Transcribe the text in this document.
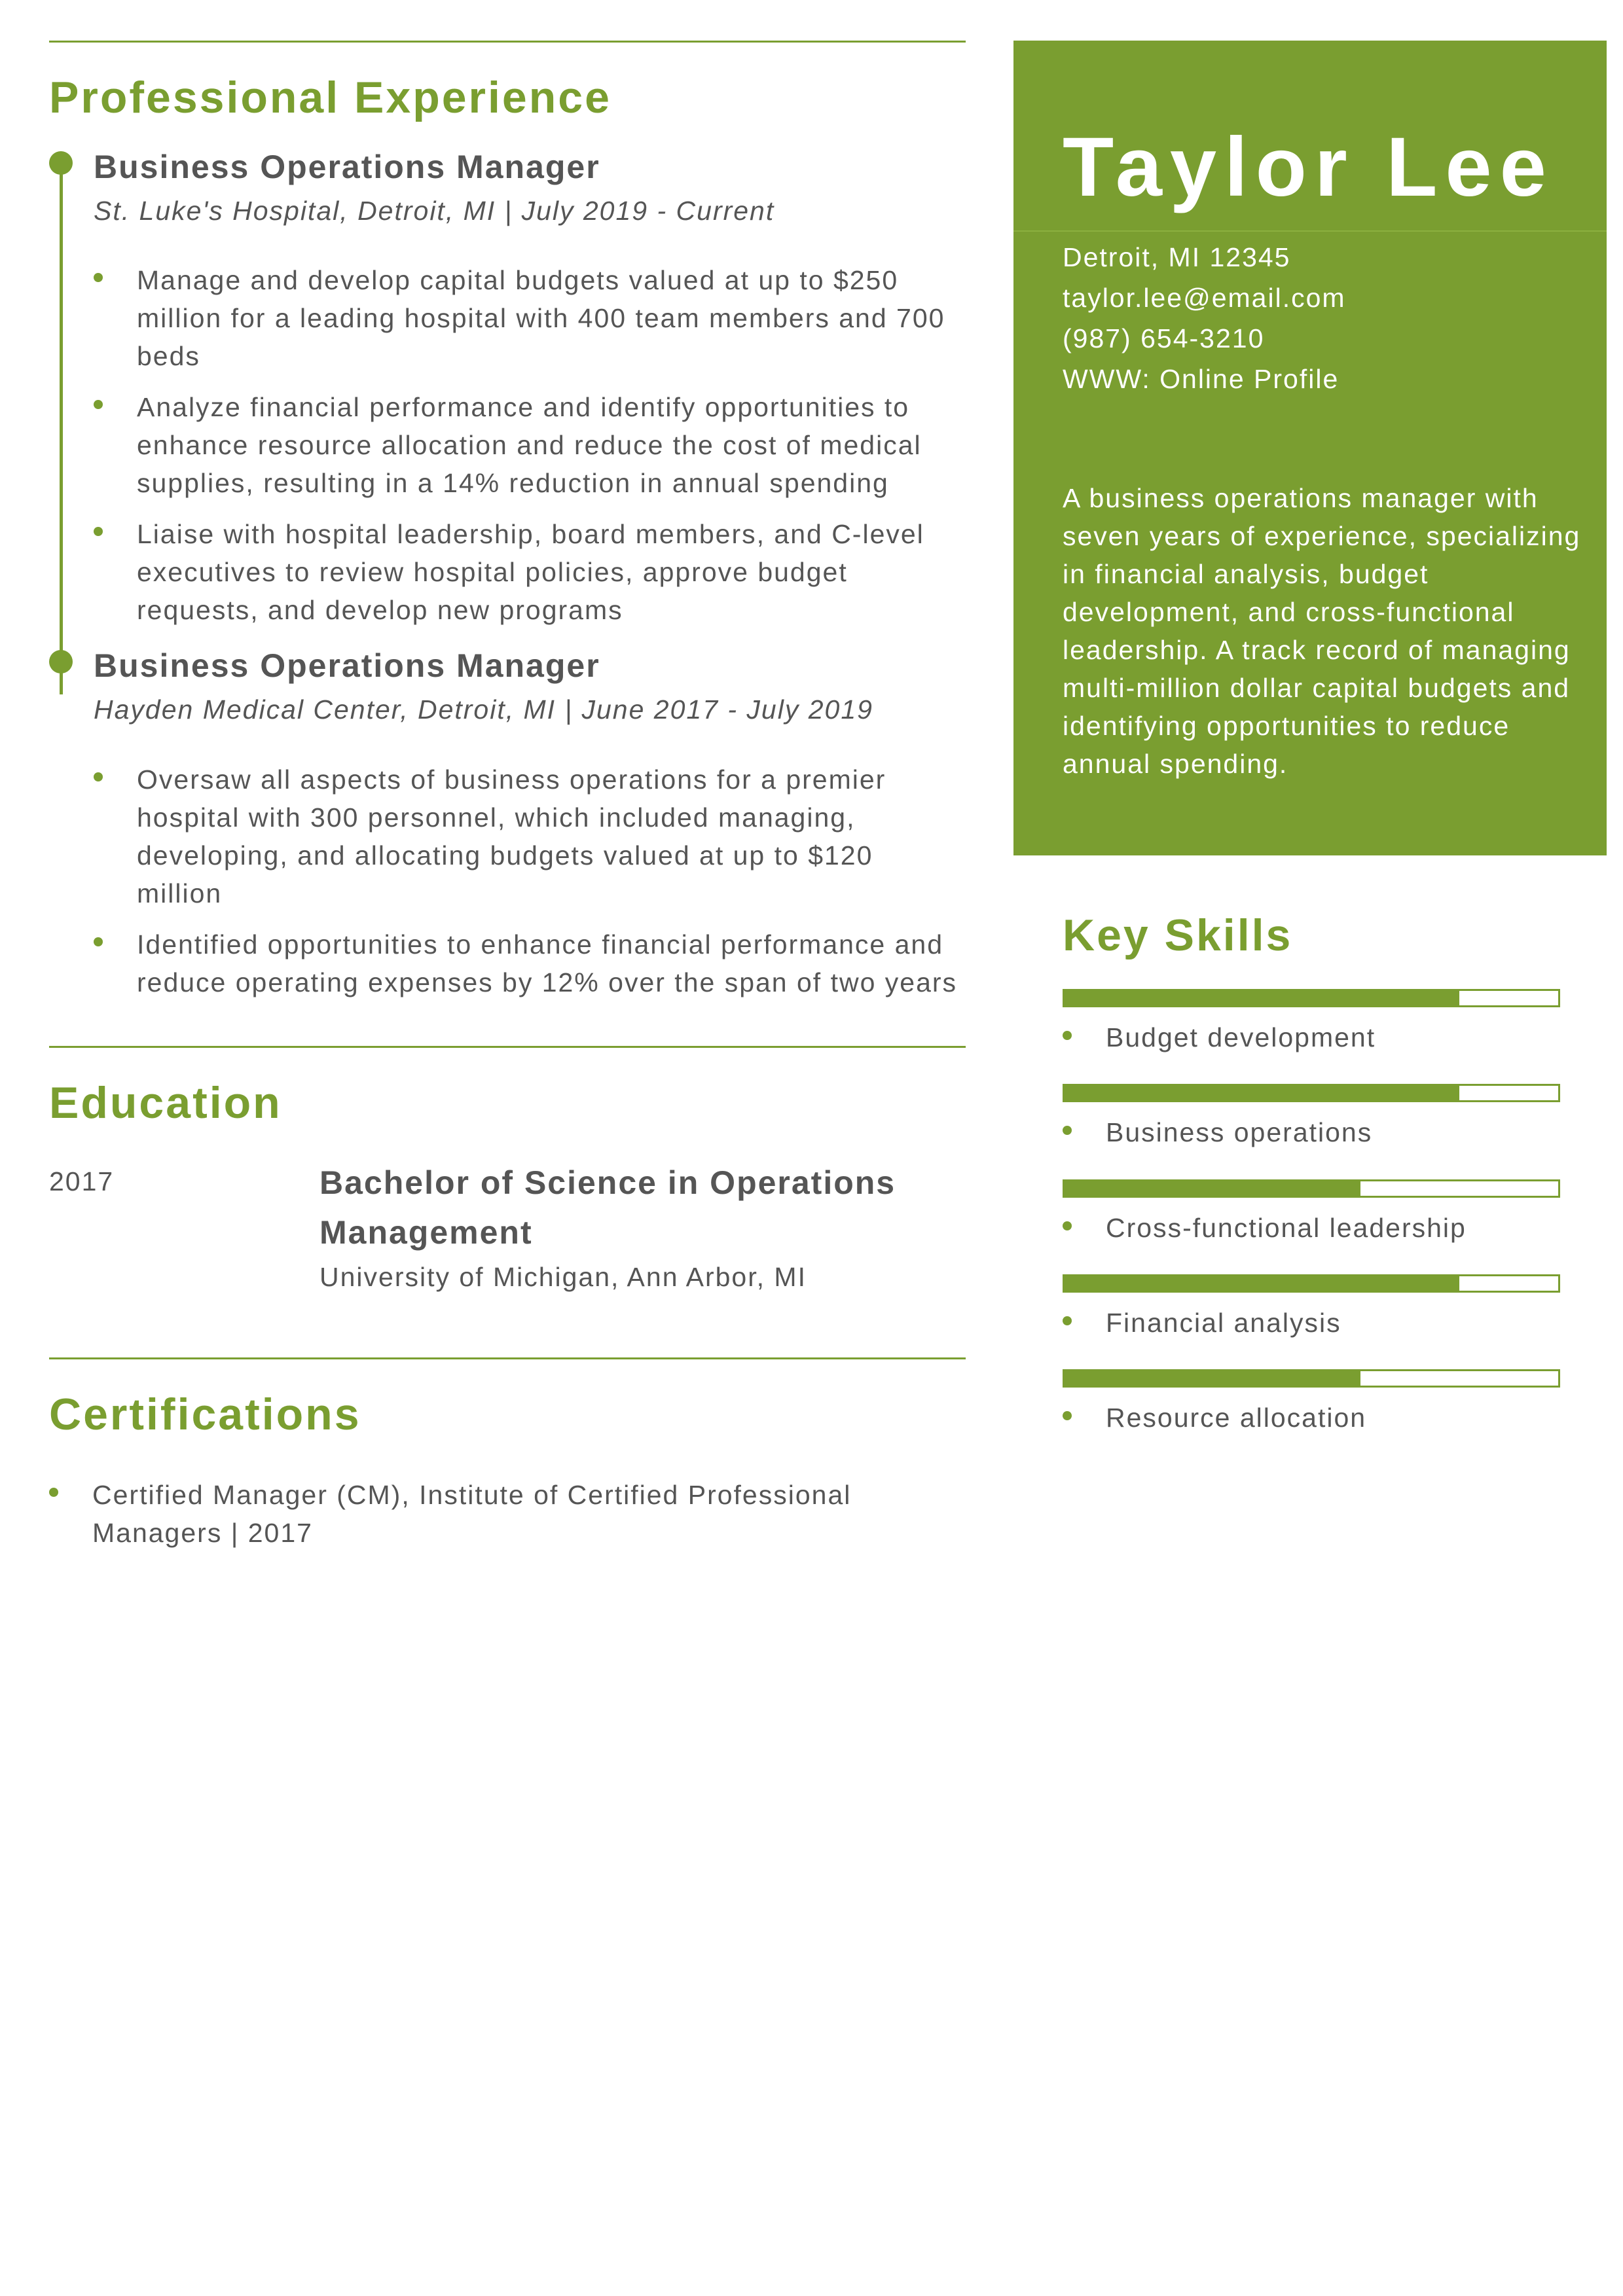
Professional Experience
Business Operations Manager
St. Luke's Hospital, Detroit, MI | July 2019 - Current
Manage and develop capital budgets valued at up to $250 million for a leading hospital with 400 team members and 700 beds
Analyze financial performance and identify opportunities to enhance resource allocation and reduce the cost of medical supplies, resulting in a 14% reduction in annual spending
Liaise with hospital leadership, board members, and C-level executives to review hospital policies, approve budget requests, and develop new programs
Business Operations Manager
Hayden Medical Center, Detroit, MI | June 2017 - July 2019
Oversaw all aspects of business operations for a premier hospital with 300 personnel, which included managing, developing, and allocating budgets valued at up to $120 million
Identified opportunities to enhance financial performance and reduce operating expenses by 12% over the span of two years
Education
2017	Bachelor of Science in Operations Management
University of Michigan, Ann Arbor, MI
Certifications
Certified Manager (CM), Institute of Certified Professional Managers | 2017
Taylor Lee
Detroit, MI 12345
taylor.lee@email.com
(987) 654-3210
WWW: Online Profile
A business operations manager with seven years of experience, specializing in financial analysis, budget development, and cross-functional leadership. A track record of managing multi-million dollar capital budgets and identifying opportunities to reduce annual spending.
Key Skills
Budget development
Business operations
Cross-functional leadership
Financial analysis
Resource allocation
